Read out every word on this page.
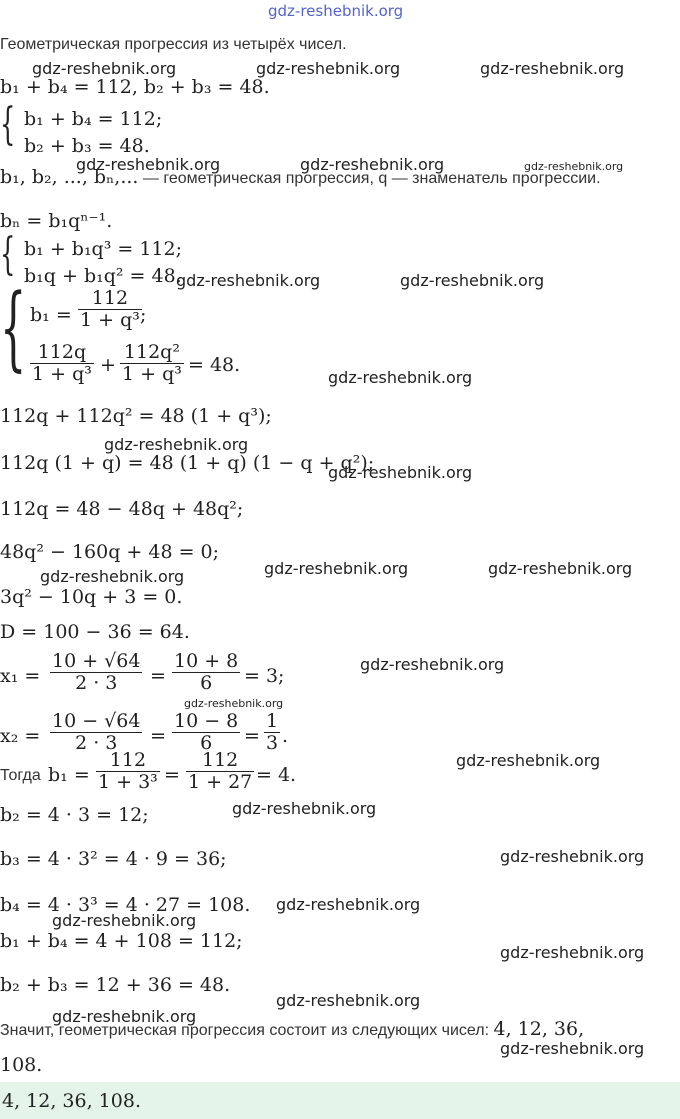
gdz-reshebnik.org
Геометрическая прогрессия из четырёх чисел.
b₁ + b₄ = 112, b₂ + b₃ = 48.
{ b₁ + b₄ = 112;
b₂ + b₃ = 48.
b₁, b₂, ..., bₙ,... — геометрическая прогрессия, q — знаменатель прогрессии.
bₙ = b₁qⁿ⁻¹.
{ b₁ + b₁q³ = 112;
b₁q + b₁q² = 48.
{ $b_1 = \frac{112}{\text{1 + q³}}$
;
$\frac{112q}{\text{1 + q³}} + \frac{\text{112q²}}{\text{1 + q³}} = 48$.
112q + 112q² = 48 (1 + q³);
112q (1 + q) = 48 (1 + q) (1 − q + q²);
112q = 48 − 48q + 48q²;
48q² − 160q + 48 = 0;
3q² − 10q + 3 = 0.
D = 100 − 36 = 64.
$x_1 = \frac{10 + √64}{2 \cdot 3} = \frac{10 + 8}{6} = 3$;
$x_2 = \frac{10 - √64}{2 \cdot 3} = \frac{10 - 8}{6} = \frac{1}{3}$ .
Тогда $b_1 = \frac{112}{\text{1 + 3³}} = \frac{112}{1 + 27} = 4$.
b₂ = 4 · 3 = 12;
b₃ = 4 · 3² = 4 · 9 = 36;
b₄ = 4 · 3³ = 4 · 27 = 108.
b₁ + b₄ = 4 + 108 = 112;
b₂ + b₃ = 12 + 36 = 48.
Значит, геометрическая прогрессия состоит из следующих чисел: 4, 12, 36,
108.
4, 12, 36, 108.
gdz-reshebnik.org	gdz-reshebnik.org	gdz-reshebnik.org
gdz-reshebnik.org	gdz-reshebnik.org	gdz-reshebnik.org
gdz-reshebnik.org	gdz-reshebnik.org
gdz-reshebnik.org
gdz-reshebnik.org
gdz-reshebnik.org
gdz-reshebnik.org	gdz-reshebnik.org	gdz-reshebnik.org
gdz-reshebnik.org
gdz-reshebnik.org
gdz-reshebnik.org
gdz-reshebnik.org
gdz-reshebnik.org
gdz-reshebnik.org
gdz-reshebnik.org
gdz-reshebnik.org
gdz-reshebnik.org
gdz-reshebnik.org
gdz-reshebnik.org
